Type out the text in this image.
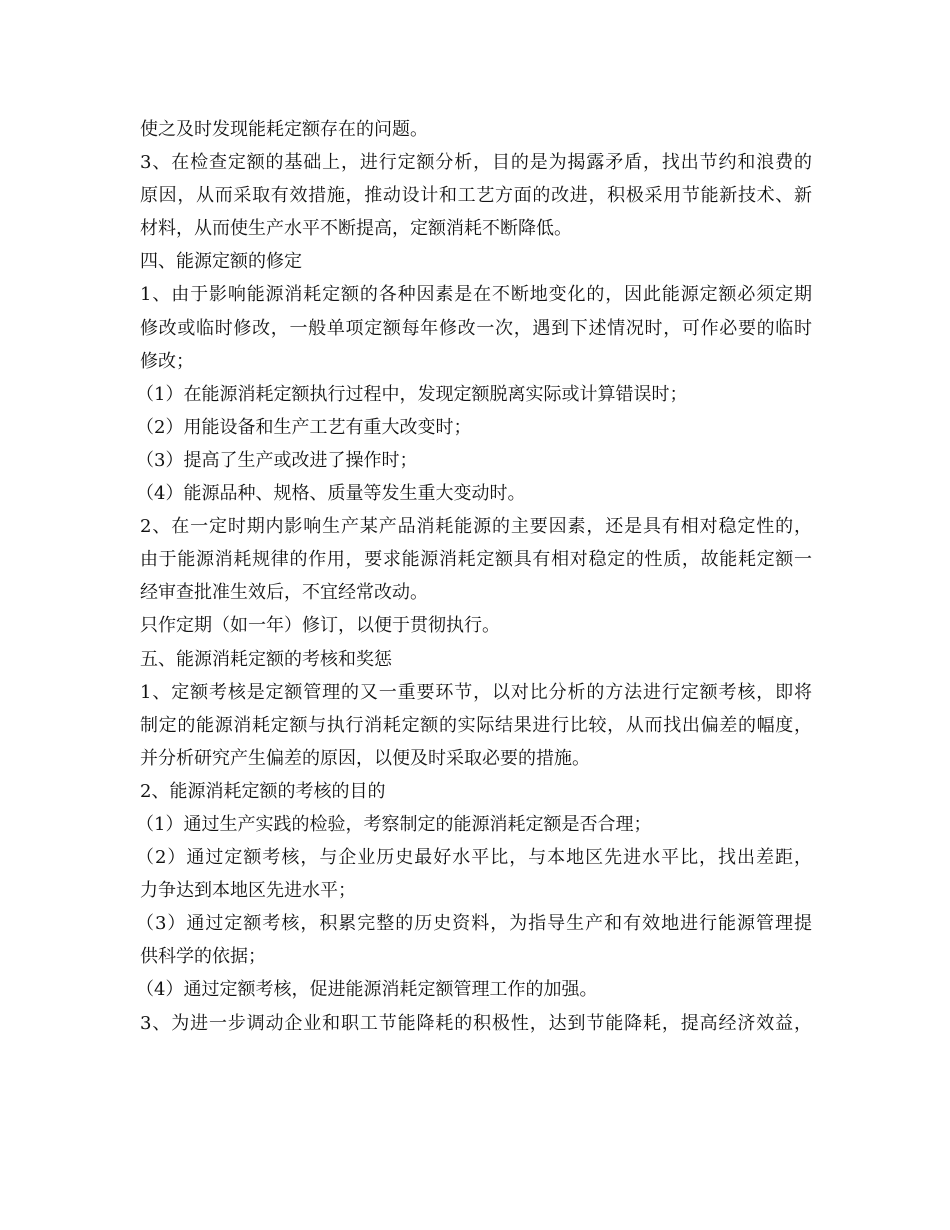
使之及时发现能耗定额存在的问题。

3、在检查定额的基础上，进行定额分析，目的是为揭露矛盾，找出节约和浪费的

原因，从而采取有效措施，推动设计和工艺方面的改进，积极采用节能新技术、新

材料，从而使生产水平不断提高，定额消耗不断降低。

四、能源定额的修定

1、由于影响能源消耗定额的各种因素是在不断地变化的，因此能源定额必须定期

修改或临时修改，一般单项定额每年修改一次，遇到下述情况时，可作必要的临时

修改；

（1）在能源消耗定额执行过程中，发现定额脱离实际或计算错误时；

（2）用能设备和生产工艺有重大改变时；

（3）提高了生产或改进了操作时；

（4）能源品种、规格、质量等发生重大变动时。

2、在一定时期内影响生产某产品消耗能源的主要因素，还是具有相对稳定性的，

由于能源消耗规律的作用，要求能源消耗定额具有相对稳定的性质，故能耗定额一

经审查批准生效后，不宜经常改动。

只作定期（如一年）修订，以便于贯彻执行。

五、能源消耗定额的考核和奖惩

1、定额考核是定额管理的又一重要环节，以对比分析的方法进行定额考核，即将

制定的能源消耗定额与执行消耗定额的实际结果进行比较，从而找出偏差的幅度，

并分析研究产生偏差的原因，以便及时采取必要的措施。

2、能源消耗定额的考核的目的

（1）通过生产实践的检验，考察制定的能源消耗定额是否合理；

（2）通过定额考核，与企业历史最好水平比，与本地区先进水平比，找出差距，

力争达到本地区先进水平；

（3）通过定额考核，积累完整的历史资料，为指导生产和有效地进行能源管理提

供科学的依据；

（4）通过定额考核，促进能源消耗定额管理工作的加强。

3、为进一步调动企业和职工节能降耗的积极性，达到节能降耗，提高经济效益，
